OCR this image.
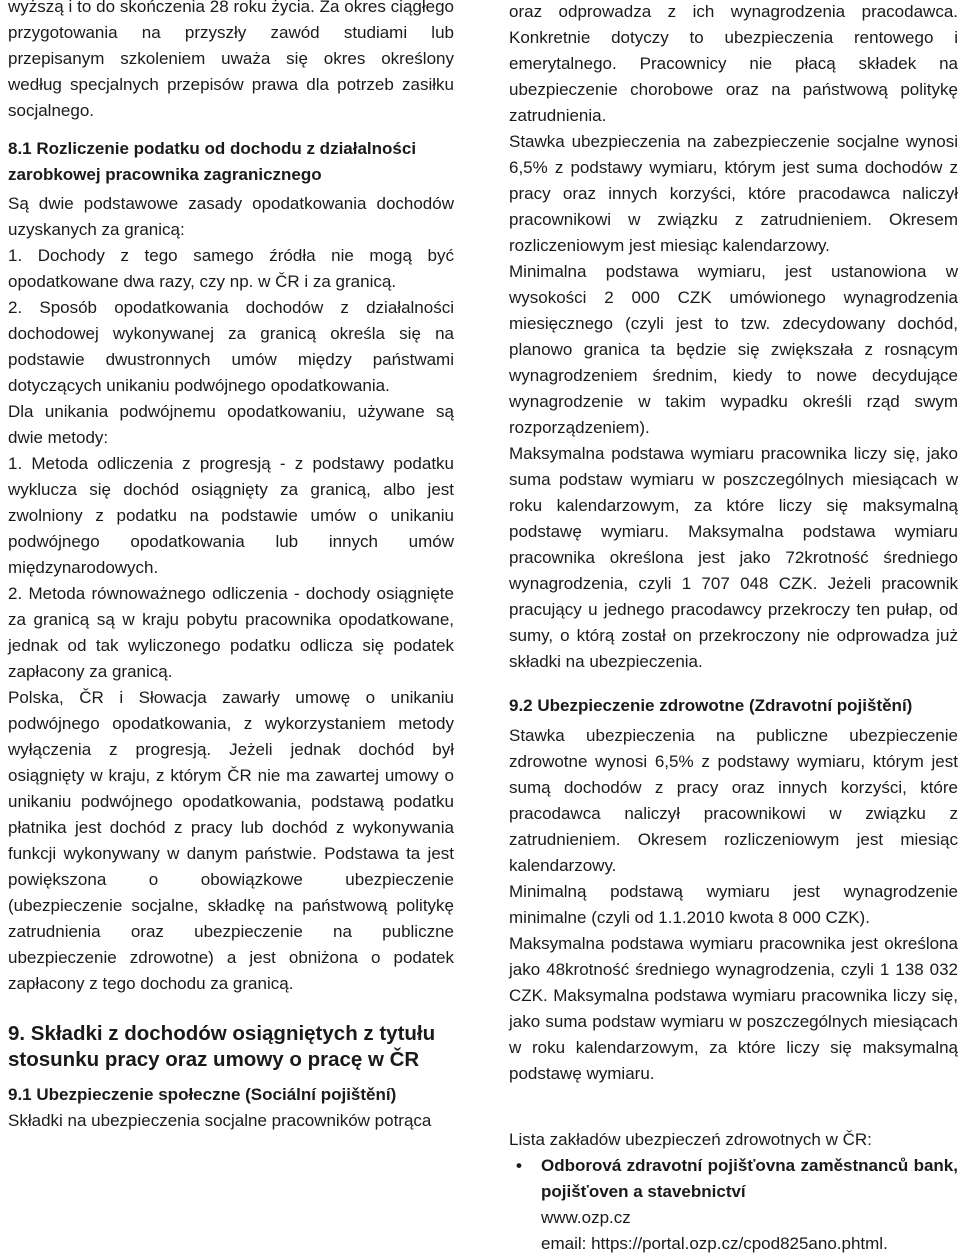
wyższą i to do skończenia 28 roku życia. Za okres ciągłego przygotowania na przyszły zawód studiami lub przepisanym szkoleniem uważa się okres określony według specjalnych przepisów prawa dla potrzeb zasiłku socjalnego.

8.1 Rozliczenie podatku od dochodu z działalności zarobkowej pracownika zagranicznego

Są dwie podstawowe zasady opodatkowania dochodów uzyskanych za granicą:

1. Dochody z tego samego źródła nie mogą być opodatkowane dwa razy, czy np. w ČR i za granicą.

2. Sposób opodatkowania dochodów z działalności dochodowej wykonywanej za granicą określa się na podstawie dwustronnych umów między państwami dotyczących unikaniu podwójnego opodatkowania.

Dla unikania podwójnemu opodatkowaniu, używane są dwie metody:

1. Metoda odliczenia z progresją - z podstawy podatku wyklucza się dochód osiągnięty za granicą, albo jest zwolniony z podatku na podstawie umów o unikaniu podwójnego opodatkowania lub innych umów międzynarodowych.

2. Metoda równoważnego odliczenia - dochody osiągnięte za granicą są w kraju pobytu pracownika opodatkowane, jednak od tak wyliczonego podatku odlicza się podatek zapłacony za granicą.

Polska, ČR i Słowacja zawarły umowę o unikaniu podwójnego opodatkowania, z wykorzystaniem metody wyłączenia z progresją. Jeżeli jednak dochód był osiągnięty w kraju, z którym ČR nie ma zawartej umowy o unikaniu podwójnego opodatkowania, podstawą podatku płatnika jest dochód z pracy lub dochód z wykonywania funkcji wykonywany w danym państwie. Podstawa ta jest powiększona o obowiązkowe ubezpieczenie (ubezpieczenie socjalne, składkę na państwową politykę zatrudnienia oraz ubezpieczenie na publiczne ubezpieczenie zdrowotne) a jest obniżona o podatek zapłacony z tego dochodu za granicą.

9. Składki z dochodów osiągniętych z tytułu stosunku pracy oraz umowy o pracę w ČR
9.1 Ubezpieczenie społeczne (Sociální pojištění)

Składki na ubezpieczenia socjalne pracowników potrąca

oraz odprowadza z ich wynagrodzenia pracodawca. Konkretnie dotyczy to ubezpieczenia rentowego i emerytalnego. Pracownicy nie płacą składek na ubezpieczenie chorobowe oraz na państwową politykę zatrudnienia.

Stawka ubezpieczenia na zabezpieczenie socjalne wynosi 6,5% z podstawy wymiaru, którym jest suma dochodów z pracy oraz innych korzyści, które pracodawca naliczył pracownikowi w związku z zatrudnieniem. Okresem rozliczeniowym jest miesiąc kalendarzowy.

Minimalna podstawa wymiaru, jest ustanowiona w wysokości 2 000 CZK umówionego wynagrodzenia miesięcznego (czyli jest to tzw. zdecydowany dochód, planowo granica ta będzie się zwiększała z rosnącym wynagrodzeniem średnim, kiedy to nowe decydujące wynagrodzenie w takim wypadku określi rząd swym rozporządzeniem).

Maksymalna podstawa wymiaru pracownika liczy się, jako suma podstaw wymiaru w poszczególnych miesiącach w roku kalendarzowym, za które liczy się maksymalną podstawę wymiaru. Maksymalna podstawa wymiaru pracownika określona jest jako 72krotność średniego wynagrodzenia, czyli 1 707 048 CZK. Jeżeli pracownik pracujący u jednego pracodawcy przekroczy ten pułap, od sumy, o którą został on przekroczony nie odprowadza już składki na ubezpieczenia.

9.2 Ubezpieczenie zdrowotne (Zdravotní pojištění)

Stawka ubezpieczenia na publiczne ubezpieczenie zdrowotne wynosi 6,5% z podstawy wymiaru, którym jest sumą dochodów z pracy oraz innych korzyści, które pracodawca naliczył pracownikowi w związku z zatrudnieniem. Okresem rozliczeniowym jest miesiąc kalendarzowy.

Minimalną podstawą wymiaru jest wynagrodzenie minimalne (czyli od 1.1.2010 kwota 8 000 CZK).

Maksymalna podstawa wymiaru pracownika jest określona jako 48krotność średniego wynagrodzenia, czyli 1 138 032 CZK. Maksymalna podstawa wymiaru pracownika liczy się, jako suma podstaw wymiaru w poszczególnych miesiącach w roku kalendarzowym, za które liczy się maksymalną podstawę wymiaru.

Lista zakładów ubezpieczeń zdrowotnych w ČR:

• Odborová zdravotní pojišťovna zaměstnanců bank, pojišťoven a stavebnictví
www.ozp.cz
email: https://portal.ozp.cz/cpod825ano.phtml.
